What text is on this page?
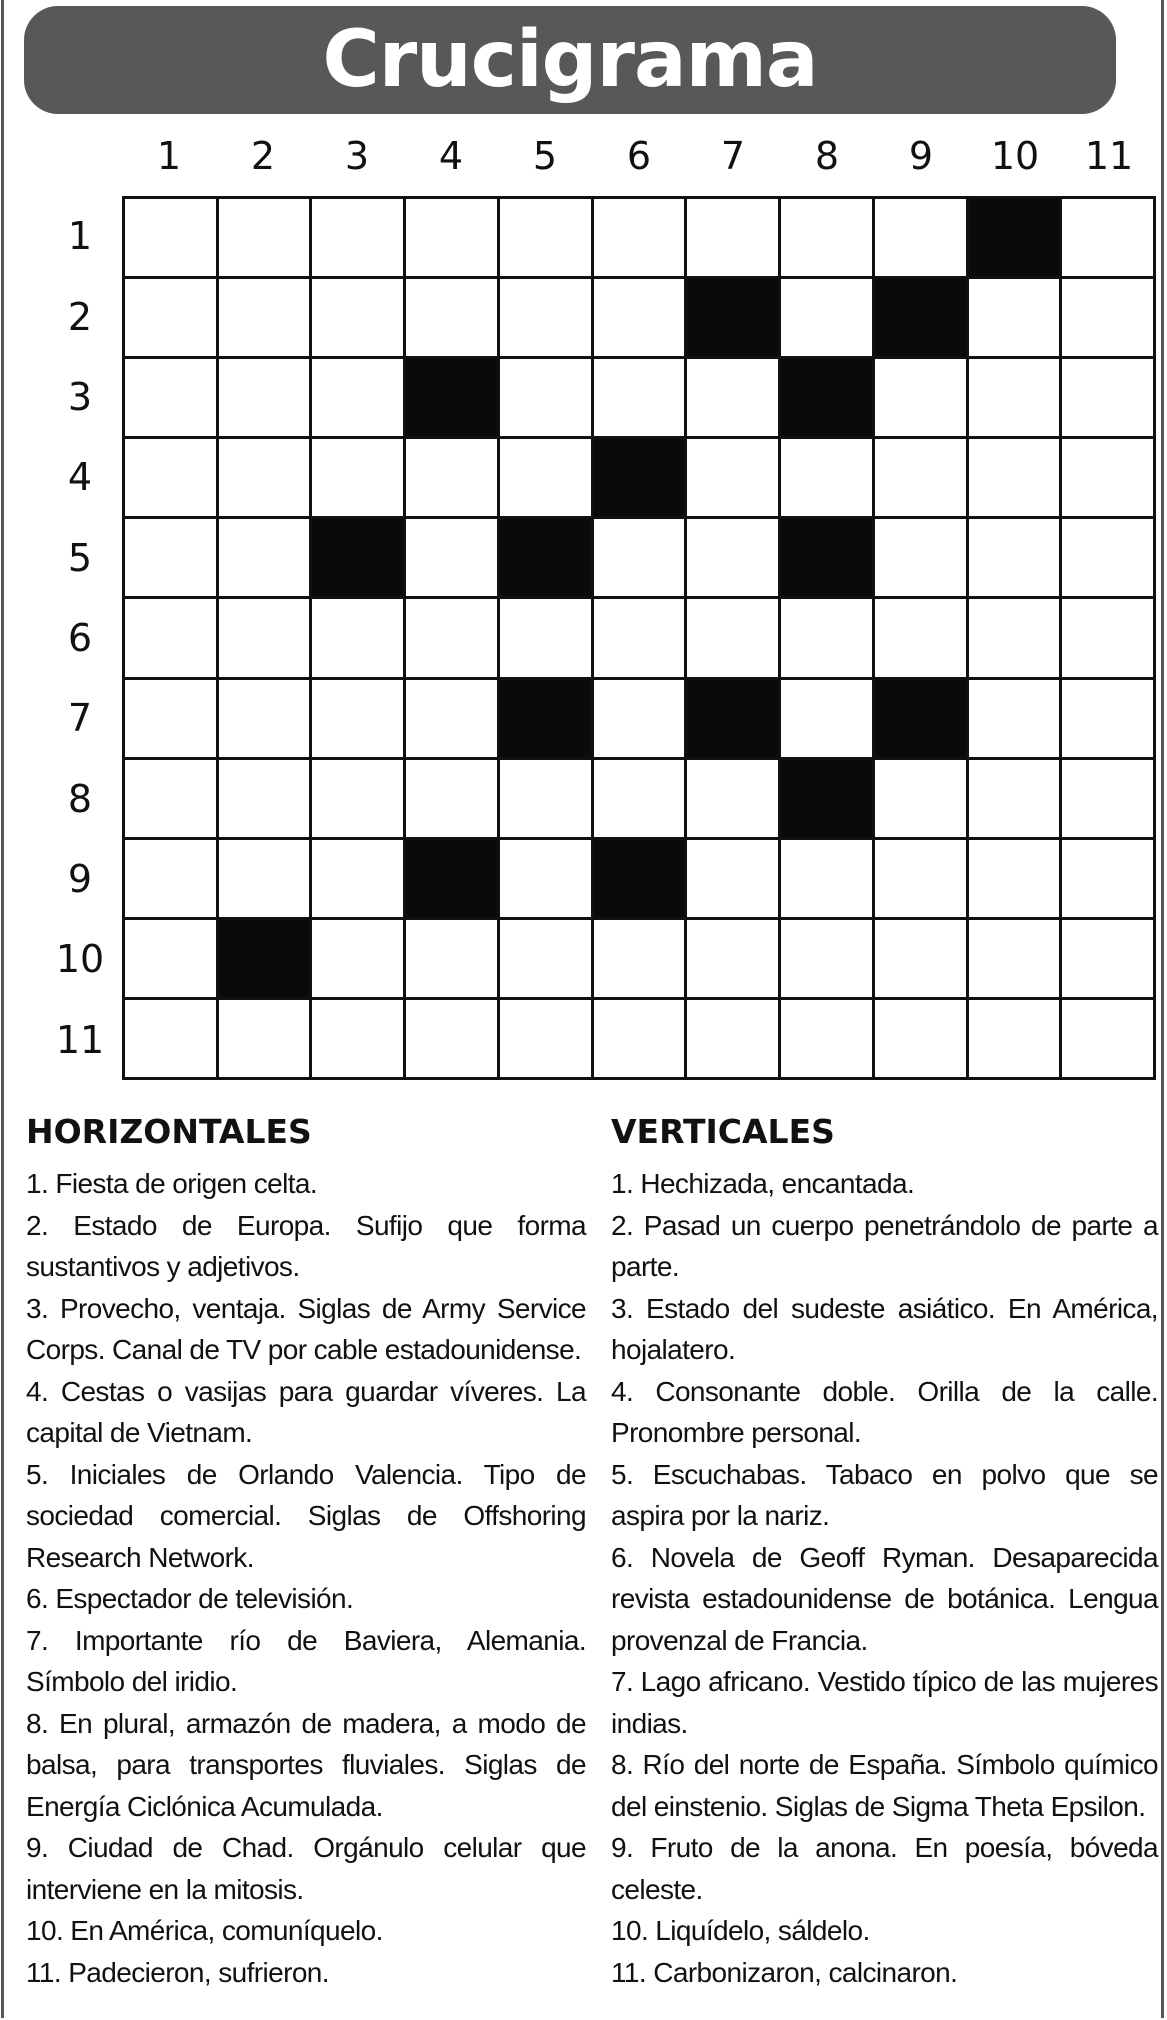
Crucigrama
1	2	3	4	5	6	7	8	9	10	11
1
2
3
4
5
6
7
8
9
10
11
HORIZONTALES
1. Fiesta de origen celta.
2. Estado de Europa. Sufijo que forma sustantivos y adjetivos.
3. Provecho, ventaja. Siglas de Army Service Corps. Canal de TV por cable estadounidense.
4. Cestas o vasijas para guardar víveres. La capital de Vietnam.
5. Iniciales de Orlando Valencia. Tipo de sociedad comercial. Siglas de Offshoring Research Network.
6. Espectador de televisión.
7. Importante río de Baviera, Alemania. Símbolo del iridio.
8. En plural, armazón de madera, a modo de balsa, para transportes fluviales. Siglas de Energía Ciclónica Acumulada.
9. Ciudad de Chad. Orgánulo celular que interviene en la mitosis.
10. En América, comuníquelo.
11. Padecieron, sufrieron.
VERTICALES
1. Hechizada, encantada.
2. Pasad un cuerpo penetrándolo de parte a parte.
3. Estado del sudeste asiático. En América, hojalatero.
4. Consonante doble. Orilla de la calle. Pronombre personal.
5. Escuchabas. Tabaco en polvo que se aspira por la nariz.
6. Novela de Geoff Ryman. Desaparecida revista estadounidense de botánica. Lengua provenzal de Francia.
7. Lago africano. Vestido típico de las mujeres indias.
8. Río del norte de España. Símbolo químico del einstenio. Siglas de Sigma Theta Epsilon.
9. Fruto de la anona. En poesía, bóveda celeste.
10. Liquídelo, sáldelo.
11. Carbonizaron, calcinaron.
